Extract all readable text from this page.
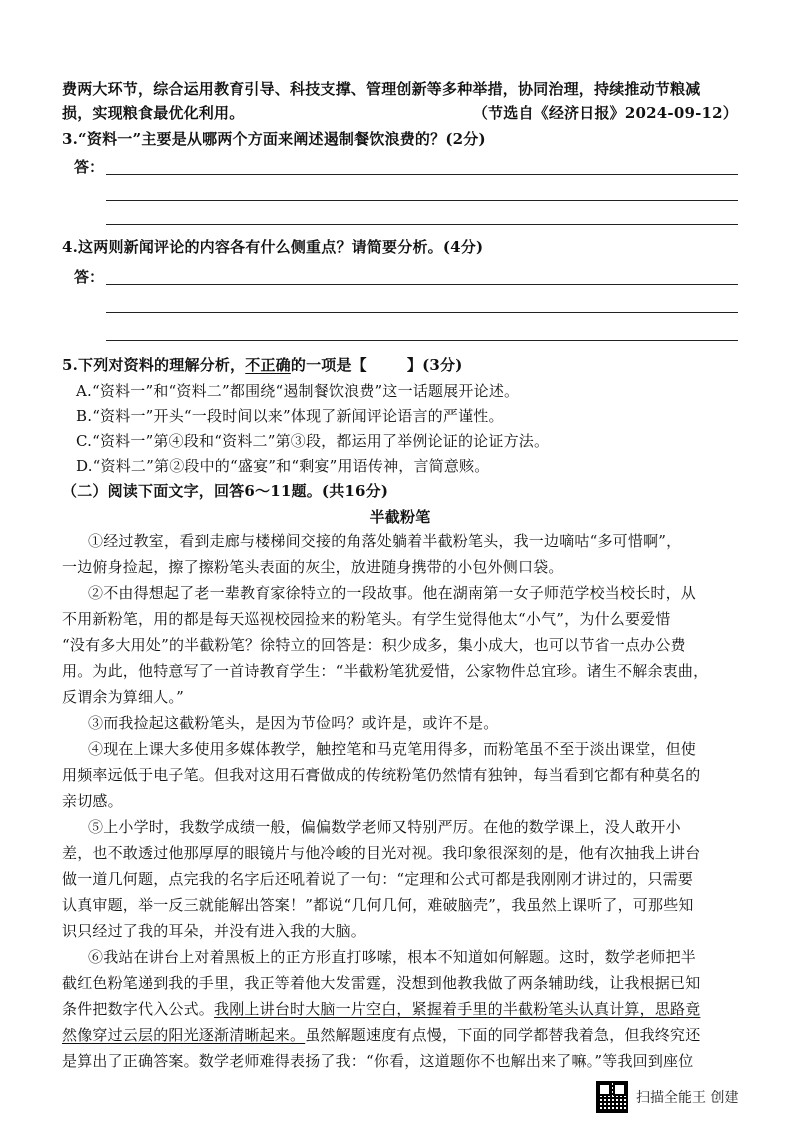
费两大环节，综合运用教育引导、科技支撑、管理创新等多种举措，协同治理，持续推动节粮减
损，实现粮食最优化利用。	（节选自《经济日报》2024-09-12）
3.“资料一”主要是从哪两个方面来阐述遏制餐饮浪费的？(2分)
答：
4.这两则新闻评论的内容各有什么侧重点？请简要分析。(4分)
答：
5.下列对资料的理解分析，不正确的一项是【	】(3分)
A.“资料一”和“资料二”都围绕“遏制餐饮浪费”这一话题展开论述。
B.“资料一”开头“一段时间以来”体现了新闻评论语言的严谨性。
C.“资料一”第④段和“资料二”第③段，都运用了举例论证的论证方法。
D.“资料二”第②段中的“盛宴”和“剩宴”用语传神，言简意赅。
（二）阅读下面文字，回答6～11题。(共16分)
半截粉笔
①经过教室，看到走廊与楼梯间交接的角落处躺着半截粉笔头，我一边嘀咕“多可惜啊”，
一边俯身捡起，擦了擦粉笔头表面的灰尘，放进随身携带的小包外侧口袋。
②不由得想起了老一辈教育家徐特立的一段故事。他在湖南第一女子师范学校当校长时，从
不用新粉笔，用的都是每天巡视校园捡来的粉笔头。有学生觉得他太“小气”，为什么要爱惜
“没有多大用处”的半截粉笔？徐特立的回答是：积少成多，集小成大，也可以节省一点办公费
用。为此，他特意写了一首诗教育学生：“半截粉笔犹爱惜，公家物件总宜珍。诸生不解余衷曲，
反谓余为算细人。”
③而我捡起这截粉笔头，是因为节俭吗？或许是，或许不是。
④现在上课大多使用多媒体教学，触控笔和马克笔用得多，而粉笔虽不至于淡出课堂，但使
用频率远低于电子笔。但我对这用石膏做成的传统粉笔仍然情有独钟，每当看到它都有种莫名的
亲切感。
⑤上小学时，我数学成绩一般，偏偏数学老师又特别严厉。在他的数学课上，没人敢开小
差，也不敢透过他那厚厚的眼镜片与他冷峻的目光对视。我印象很深刻的是，他有次抽我上讲台
做一道几何题，点完我的名字后还吼着说了一句：“定理和公式可都是我刚刚才讲过的，只需要
认真审题，举一反三就能解出答案！”都说“几何几何，难破脑壳”，我虽然上课听了，可那些知
识只经过了我的耳朵，并没有进入我的大脑。
⑥我站在讲台上对着黑板上的正方形直打哆嗦，根本不知道如何解题。这时，数学老师把半
截红色粉笔递到我的手里，我正等着他大发雷霆，没想到他教我做了两条辅助线，让我根据已知
条件把数字代入公式。我刚上讲台时大脑一片空白，紧握着手里的半截粉笔头认真计算，思路竟
然像穿过云层的阳光逐渐清晰起来。虽然解题速度有点慢，下面的同学都替我着急，但我终究还
是算出了正确答案。数学老师难得表扬了我：“你看，这道题你不也解出来了嘛。”等我回到座位
扫描全能王 创建
